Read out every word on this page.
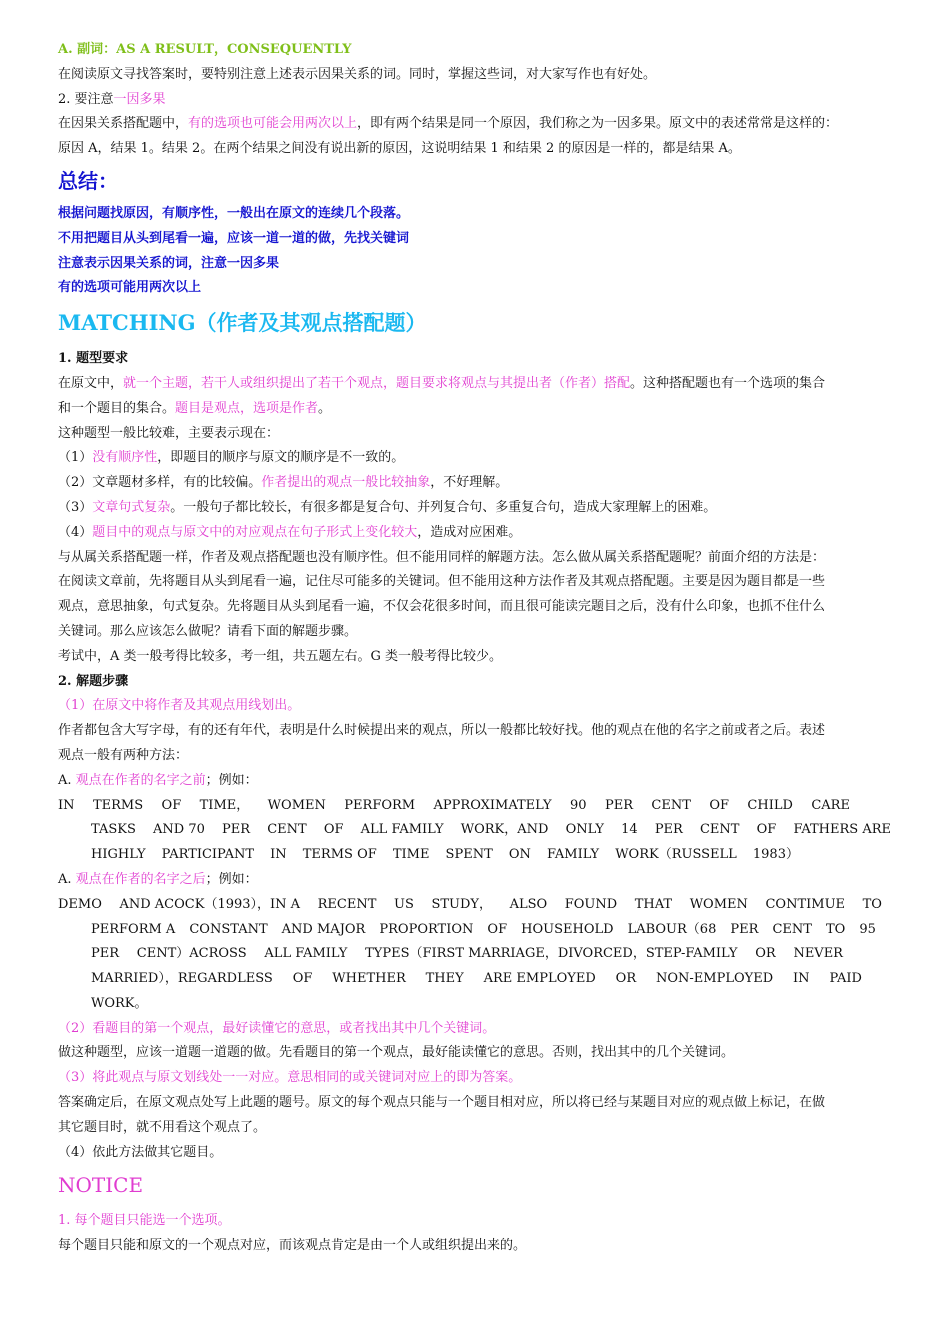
A. 副词：AS A RESULT，CONSEQUENTLY
在阅读原文寻找答案时，要特别注意上述表示因果关系的词。同时，掌握这些词，对大家写作也有好处。
2. 要注意一因多果
在因果关系搭配题中，有的选项也可能会用两次以上，即有两个结果是同一个原因，我们称之为一因多果。原文中的表述常常是这样的：
原因 A，结果 1。结果 2。在两个结果之间没有说出新的原因，这说明结果 1 和结果 2 的原因是一样的，都是结果 A。
总结：
根据问题找原因，有顺序性，一般出在原文的连续几个段落。
不用把题目从头到尾看一遍，应该一道一道的做，先找关键词
注意表示因果关系的词，注意一因多果
有的选项可能用两次以上
MATCHING（作者及其观点搭配题）
1. 题型要求
在原文中，就一个主题，若干人或组织提出了若干个观点，题目要求将观点与其提出者（作者）搭配。这种搭配题也有一个选项的集合
和一个题目的集合。题目是观点，选项是作者。
这种题型一般比较难，主要表示现在：
（1）没有顺序性，即题目的顺序与原文的顺序是不一致的。
（2）文章题材多样，有的比较偏。作者提出的观点一般比较抽象，不好理解。
（3）文章句式复杂。一般句子都比较长，有很多都是复合句、并列复合句、多重复合句，造成大家理解上的困难。
（4）题目中的观点与原文中的对应观点在句子形式上变化较大，造成对应困难。
与从属关系搭配题一样，作者及观点搭配题也没有顺序性。但不能用同样的解题方法。怎么做从属关系搭配题呢？前面介绍的方法是：
在阅读文章前，先将题目从头到尾看一遍，记住尽可能多的关键词。但不能用这种方法作者及其观点搭配题。主要是因为题目都是一些
观点，意思抽象，句式复杂。先将题目从头到尾看一遍，不仅会花很多时间，而且很可能读完题目之后，没有什么印象，也抓不住什么
关键词。那么应该怎么做呢？请看下面的解题步骤。
考试中，A 类一般考得比较多，考一组，共五题左右。G 类一般考得比较少。
2. 解题步骤
（1）在原文中将作者及其观点用线划出。
作者都包含大写字母，有的还有年代，表明是什么时候提出来的观点，所以一般都比较好找。他的观点在他的名字之前或者之后。表述
观点一般有两种方法：
A. 观点在作者的名字之前；例如：
IN TERMS OF TIME， WOMEN PERFORM APPROXIMATELY 90 PER CENT OF CHILD CARE
TASKS AND 70 PER CENT OF ALL FAMILY WORK，AND ONLY 14 PER CENT OF FATHERS ARE
HIGHLY PARTICIPANT IN TERMS OF TIME SPENT ON FAMILY WORK（RUSSELL 1983）
A. 观点在作者的名字之后；例如：
DEMO AND ACOCK（1993），IN A RECENT US STUDY， ALSO FOUND THAT WOMEN CONTIMUE TO
PERFORM A CONSTANT AND MAJOR PROPORTION OF HOUSEHOLD LABOUR（68 PER CENT TO 95
PER CENT）ACROSS ALL FAMILY TYPES（FIRST MARRIAGE，DIVORCED，STEP-FAMILY OR NEVER
MARRIED），REGARDLESS OF WHETHER THEY ARE EMPLOYED OR NON-EMPLOYED IN PAID
WORK。
（2）看题目的第一个观点，最好读懂它的意思，或者找出其中几个关键词。
做这种题型，应该一道题一道题的做。先看题目的第一个观点，最好能读懂它的意思。否则，找出其中的几个关键词。
（3）将此观点与原文划线处一一对应。意思相同的或关键词对应上的即为答案。
答案确定后，在原文观点处写上此题的题号。原文的每个观点只能与一个题目相对应，所以将已经与某题目对应的观点做上标记，在做
其它题目时，就不用看这个观点了。
（4）依此方法做其它题目。
NOTICE
1. 每个题目只能选一个选项。
每个题目只能和原文的一个观点对应，而该观点肯定是由一个人或组织提出来的。
